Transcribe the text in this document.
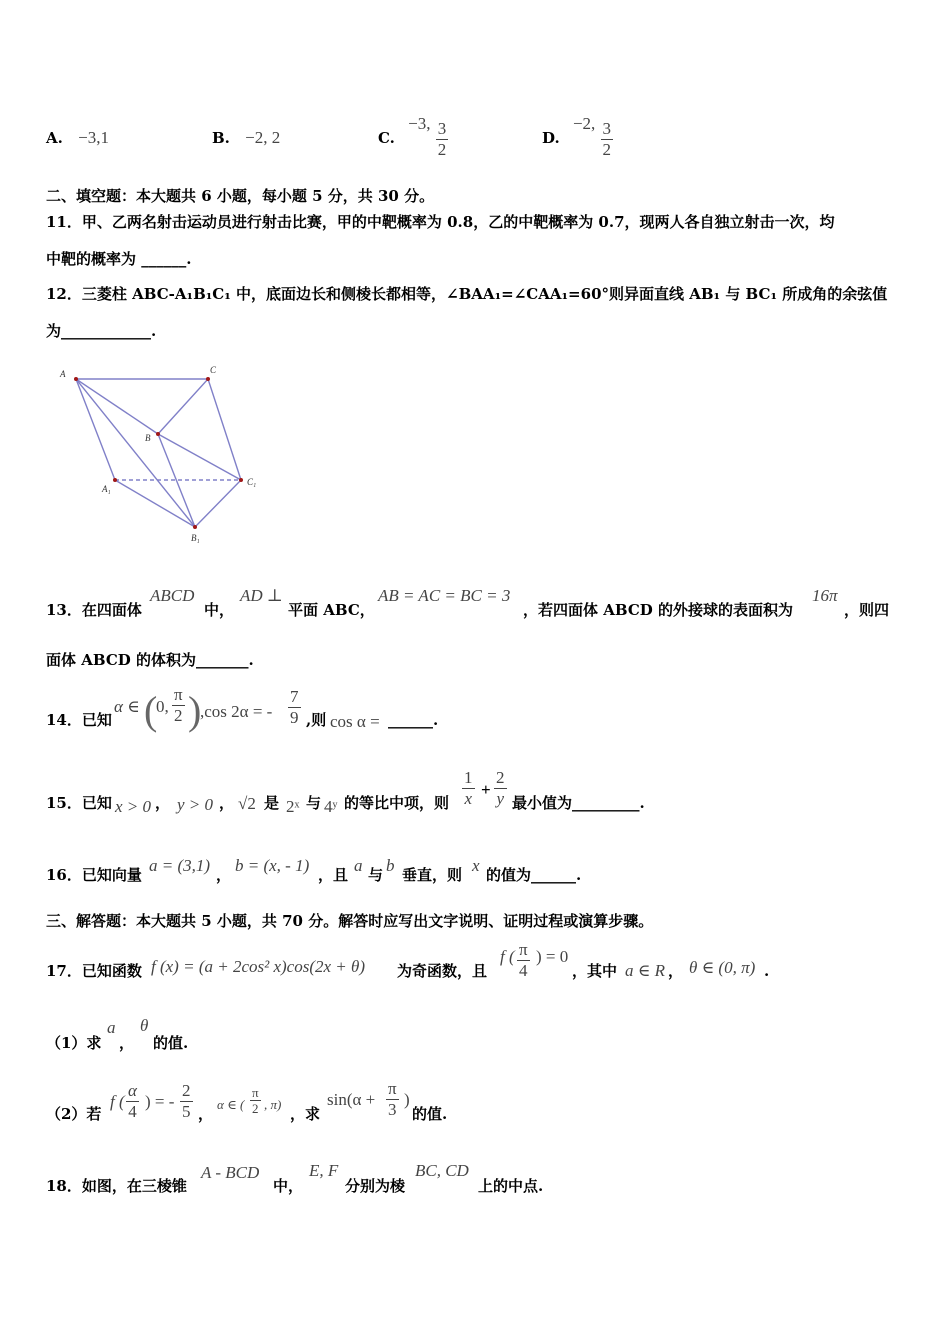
A. −3,1	B. −2, 2	C. −3, $\frac{3}{2}$	D. −2, $\frac{3}{2}$
二、填空题：本大题共 6 小题，每小题 5 分，共 30 分。
11．甲、乙两名射击运动员进行射击比赛，甲的中靶概率为 0.8，乙的中靶概率为 0.7，现两人各自独立射击一次，均
中靶的概率为 ______.
12．三菱柱 ABC-A₁B₁C₁ 中，底面边长和侧棱长都相等，∠BAA₁=∠CAA₁=60°则异面直线 AB₁ 与 BC₁ 所成角的余弦值
为____________.
A	C
B
A₁
C₁
B₁
13．在四面体
ABCD
中，
AD ⊥
平面 ABC，
AB = AC = BC = 3
，若四面体 ABCD 的外接球的表面积为
16π
，则四
面体 ABCD 的体积为_______.
14．已知
α ∈ (
0, $\frac{\pi}{2}$ )
,cos 2α = - $\frac{7}{9}$ ,则 cos α = ______.
15．已知 x > 0 ， y > 0 ， √2 是 2ˣ 与 4ʸ 的等比中项，则 $\frac{1}{x} + \frac{2}{y}$ 最小值为_________.
16．已知向量 a = (3,1) ， b = (x, - 1) ，且 a 与 b 垂直，则 x 的值为______.
三、解答题：本大题共 5 小题，共 70 分。解答时应写出文字说明、证明过程或演算步骤。
17．已知函数 f (x) = (a + 2cos² x)cos(2x + θ) 为奇函数，且
f ( $\frac{\pi}{4}$ ) = 0
，其中 a ∈ R ， θ ∈ (0, π) .
（1）求
a
，
θ
的值.
（2）若
f ( $\frac{\alpha}{4}$ ) = - $\frac{2}{5}$ ，
α ∈ ( $\frac{\pi}{2}$ , π)
，求
$\sin(\alpha + \frac{\pi}{3}$ )
的值.
18．如图，在三棱锥
A - BCD
中，
E, F
分别为棱
BC, CD
上的中点.
